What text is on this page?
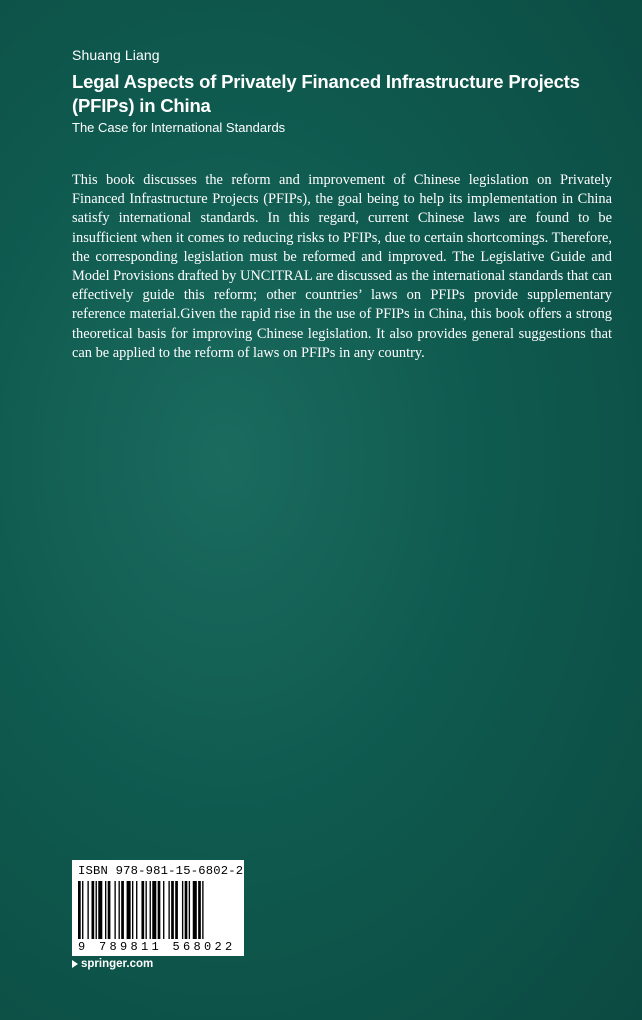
Shuang Liang
Legal Aspects of Privately Financed Infrastructure Projects (PFIPs) in China
The Case for International Standards

This book discusses the reform and improvement of Chinese legislation on Privately Financed Infrastructure Projects (PFIPs), the goal being to help its implementation in China satisfy international standards. In this regard, current Chinese laws are found to be insufficient when it comes to reducing risks to PFIPs, due to certain shortcomings. Therefore, the corresponding legislation must be reformed and improved. The Legislative Guide and Model Provisions drafted by UNCITRAL are discussed as the international standards that can effectively guide this reform; other countries’ laws on PFIPs provide supplementary reference material.Given the rapid rise in the use of PFIPs in China, this book offers a strong theoretical basis for improving Chinese legislation. It also provides general suggestions that can be applied to the reform of laws on PFIPs in any country.

ISBN 978-981-15-6802-2
9 789811 568022
springer.com
